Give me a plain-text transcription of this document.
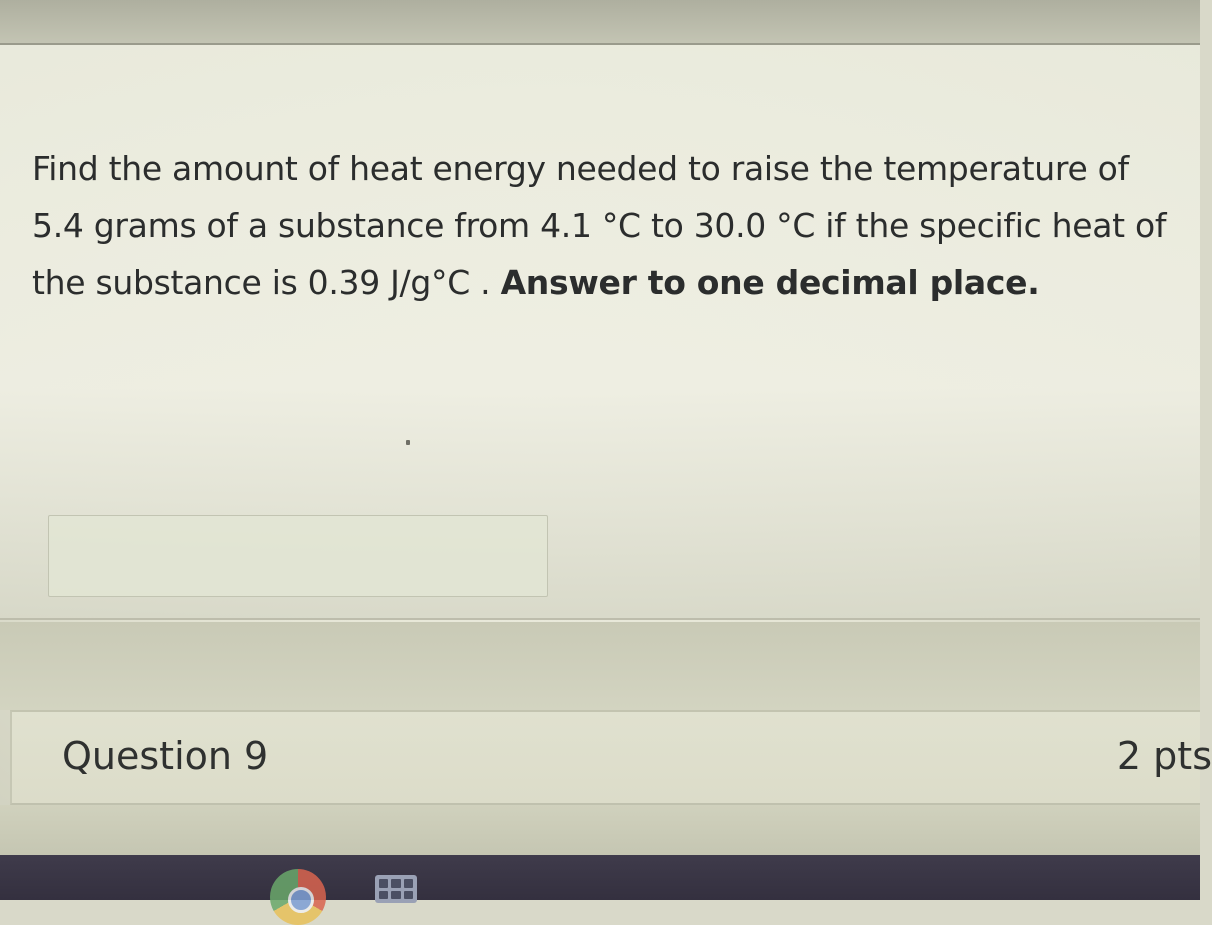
Find the amount of heat energy needed to raise the temperature of 5.4 grams of a substance from 4.1 °C to 30.0 °C if the specific heat of the substance is 0.39 J/g°C . Answer to one decimal place.

Question 9	2 pts
